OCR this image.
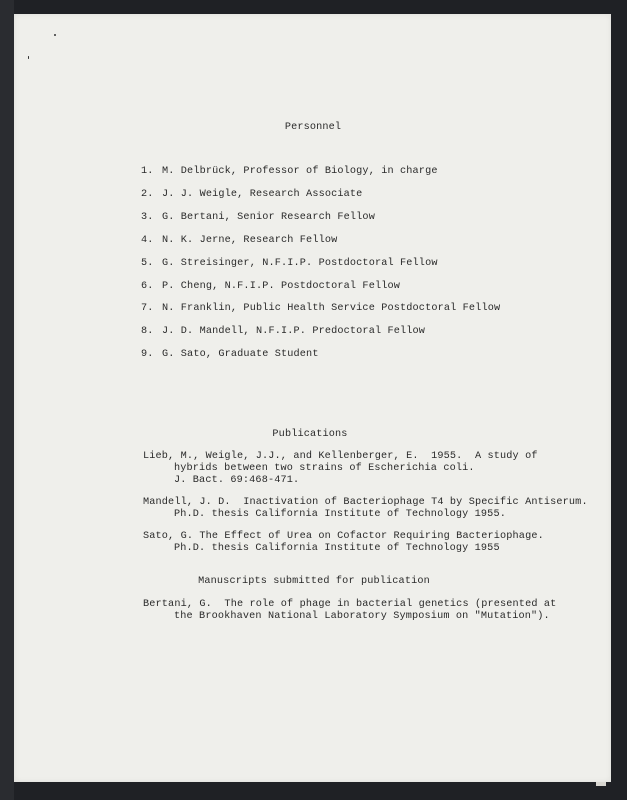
Personnel
1. M. Delbrück, Professor of Biology, in charge
2. J. J. Weigle, Research Associate
3. G. Bertani, Senior Research Fellow
4. N. K. Jerne, Research Fellow
5. G. Streisinger, N.F.I.P. Postdoctoral Fellow
6. P. Cheng, N.F.I.P. Postdoctoral Fellow
7. N. Franklin, Public Health Service Postdoctoral Fellow
8. J. D. Mandell, N.F.I.P. Predoctoral Fellow
9. G. Sato, Graduate Student
Publications
Lieb, M., Weigle, J.J., and Kellenberger, E.  1955.  A study of
hybrids between two strains of Escherichia coli.
J. Bact. 69:468-471.
Mandell, J. D.  Inactivation of Bacteriophage T4 by Specific Antiserum.
Ph.D. thesis California Institute of Technology 1955.
Sato, G. The Effect of Urea on Cofactor Requiring Bacteriophage.
Ph.D. thesis California Institute of Technology 1955
Manuscripts submitted for publication
Bertani, G.  The role of phage in bacterial genetics (presented at
the Brookhaven National Laboratory Symposium on "Mutation").
